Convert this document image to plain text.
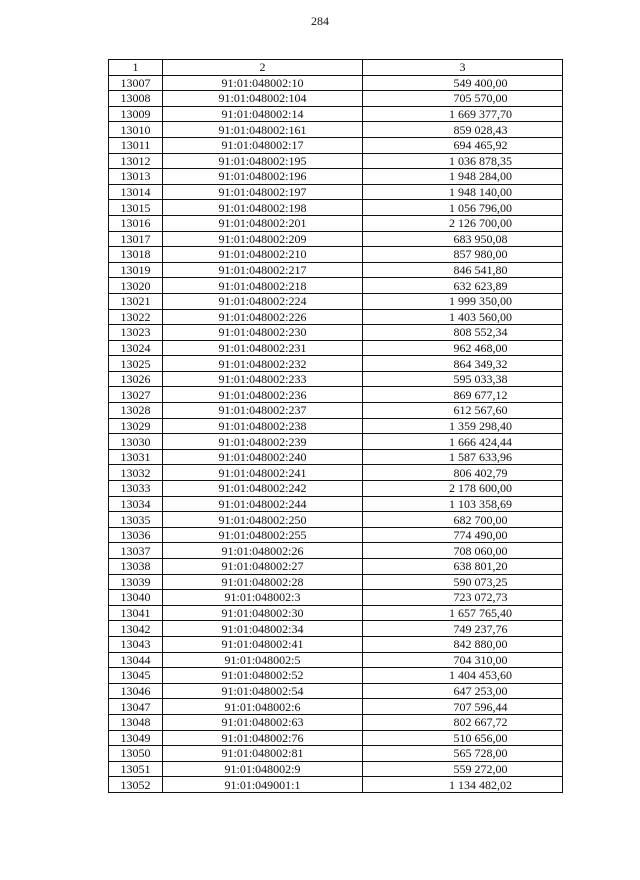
284
1	2	3
13007	91:01:048002:10	549 400,00
13008	91:01:048002:104	705 570,00
13009	91:01:048002:14	1 669 377,70
13010	91:01:048002:161	859 028,43
13011	91:01:048002:17	694 465,92
13012	91:01:048002:195	1 036 878,35
13013	91:01:048002:196	1 948 284,00
13014	91:01:048002:197	1 948 140,00
13015	91:01:048002:198	1 056 796,00
13016	91:01:048002:201	2 126 700,00
13017	91:01:048002:209	683 950,08
13018	91:01:048002:210	857 980,00
13019	91:01:048002:217	846 541,80
13020	91:01:048002:218	632 623,89
13021	91:01:048002:224	1 999 350,00
13022	91:01:048002:226	1 403 560,00
13023	91:01:048002:230	808 552,34
13024	91:01:048002:231	962 468,00
13025	91:01:048002:232	864 349,32
13026	91:01:048002:233	595 033,38
13027	91:01:048002:236	869 677,12
13028	91:01:048002:237	612 567,60
13029	91:01:048002:238	1 359 298,40
13030	91:01:048002:239	1 666 424,44
13031	91:01:048002:240	1 587 633,96
13032	91:01:048002:241	806 402,79
13033	91:01:048002:242	2 178 600,00
13034	91:01:048002:244	1 103 358,69
13035	91:01:048002:250	682 700,00
13036	91:01:048002:255	774 490,00
13037	91:01:048002:26	708 060,00
13038	91:01:048002:27	638 801,20
13039	91:01:048002:28	590 073,25
13040	91:01:048002:3	723 072,73
13041	91:01:048002:30	1 657 765,40
13042	91:01:048002:34	749 237,76
13043	91:01:048002:41	842 880,00
13044	91:01:048002:5	704 310,00
13045	91:01:048002:52	1 404 453,60
13046	91:01:048002:54	647 253,00
13047	91:01:048002:6	707 596,44
13048	91:01:048002:63	802 667,72
13049	91:01:048002:76	510 656,00
13050	91:01:048002:81	565 728,00
13051	91:01:048002:9	559 272,00
13052	91:01:049001:1	1 134 482,02
